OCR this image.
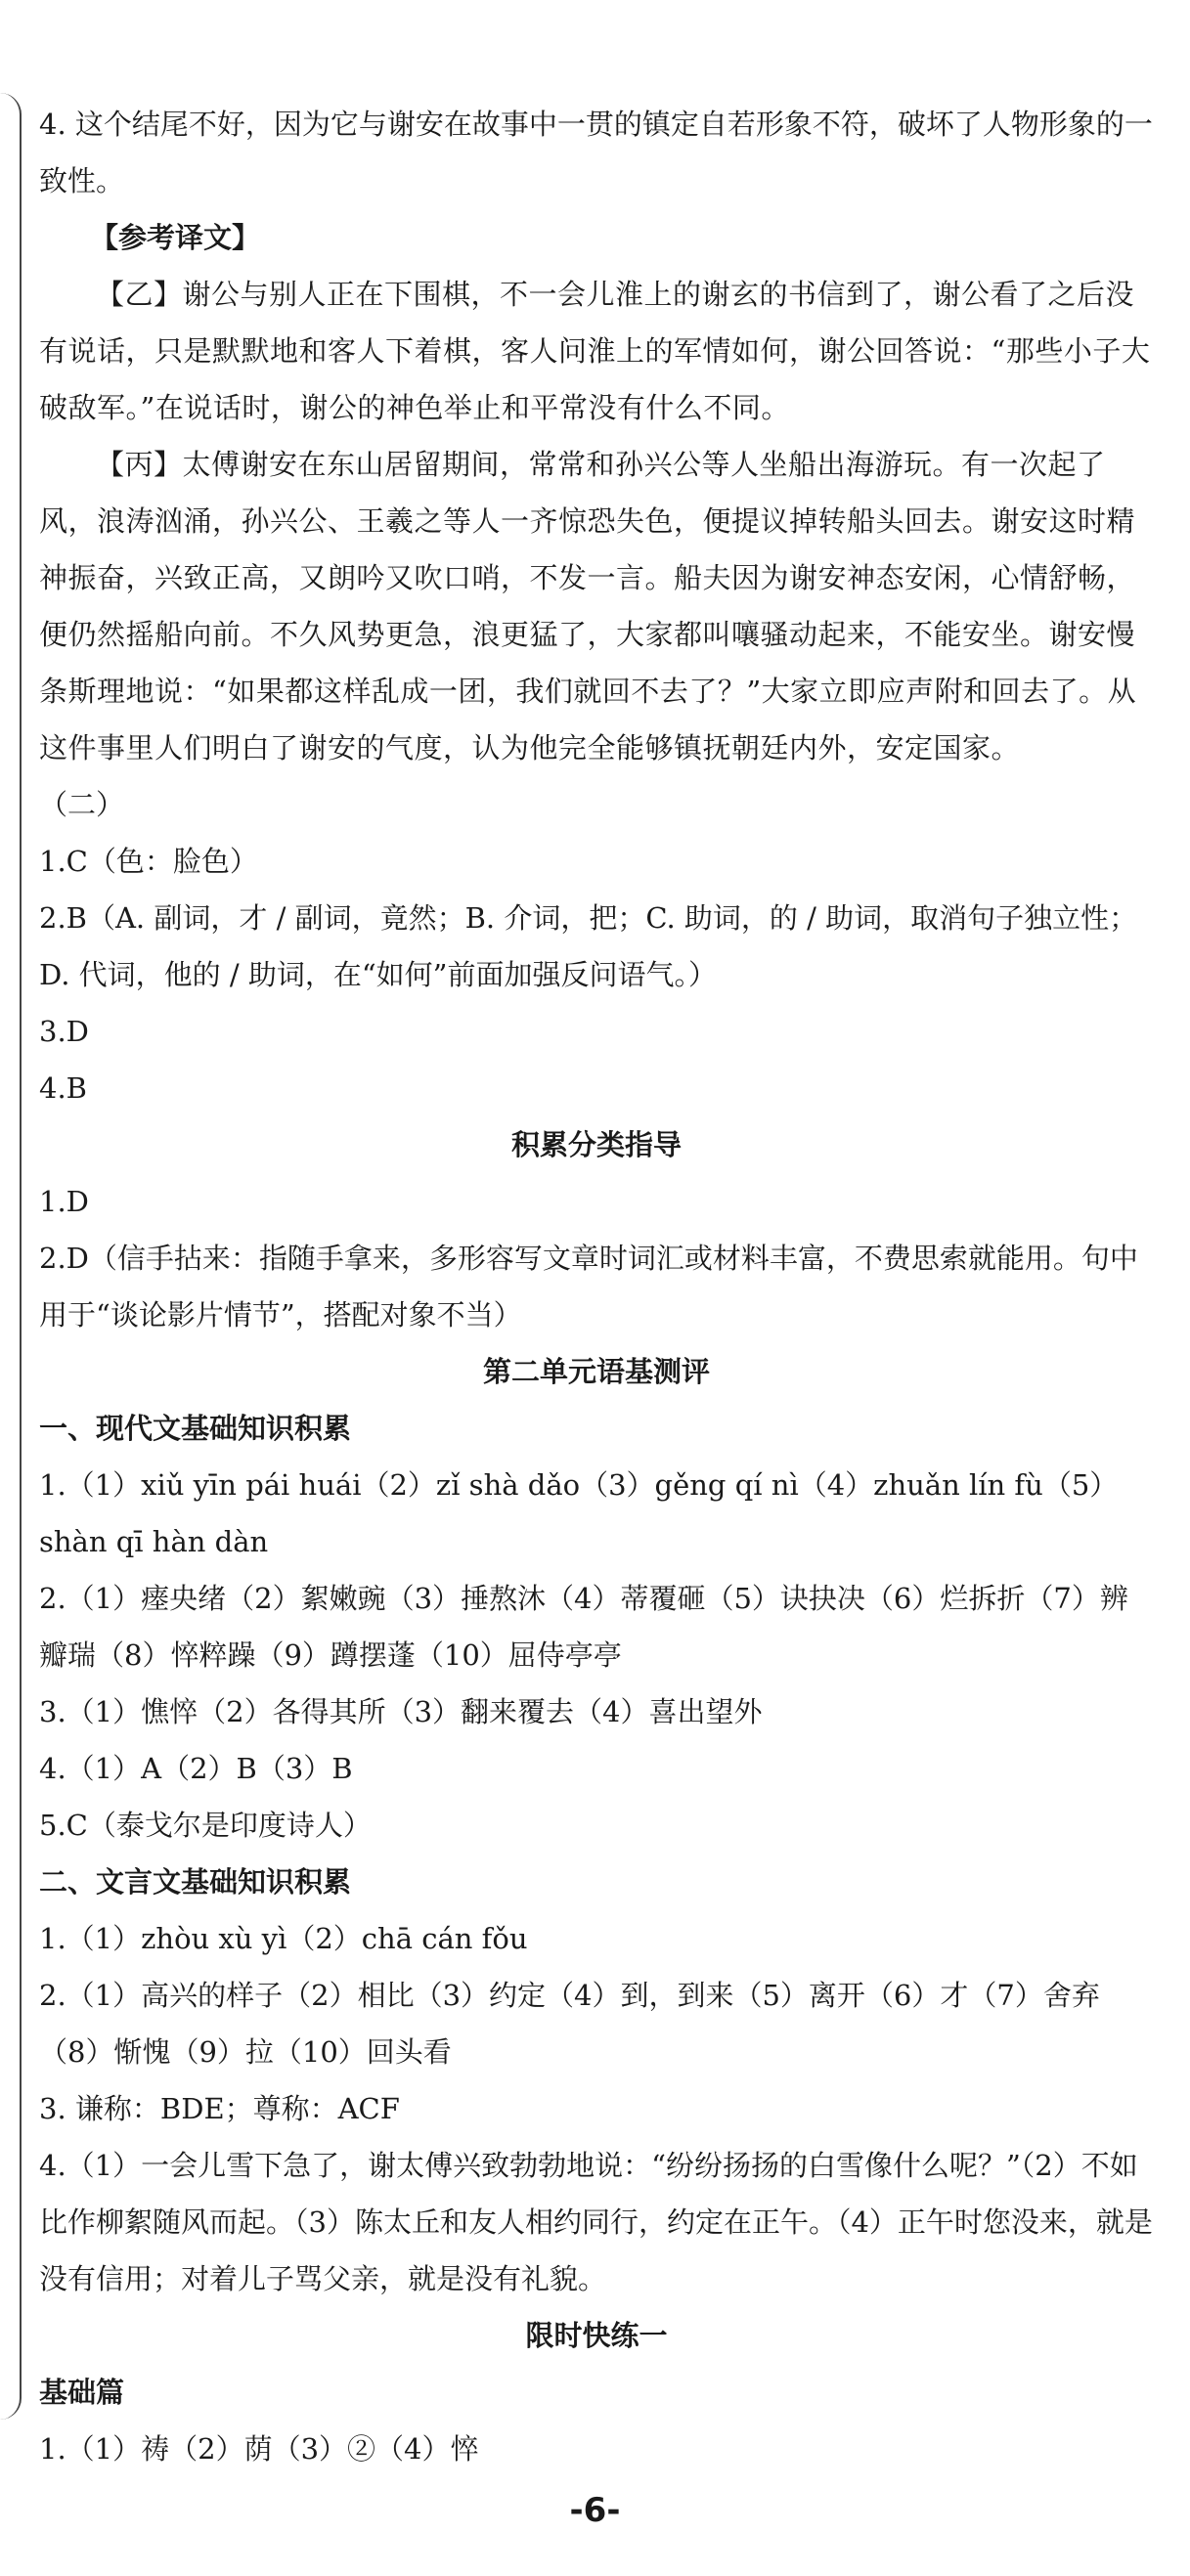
4. 这个结尾不好，因为它与谢安在故事中一贯的镇定自若形象不符，破坏了人物形象的一致性。

【参考译文】

【乙】谢公与别人正在下围棋，不一会儿淮上的谢玄的书信到了，谢公看了之后没有说话，只是默默地和客人下着棋，客人问淮上的军情如何，谢公回答说：“那些小子大破敌军。”在说话时，谢公的神色举止和平常没有什么不同。

【丙】太傅谢安在东山居留期间，常常和孙兴公等人坐船出海游玩。有一次起了风，浪涛汹涌，孙兴公、王羲之等人一齐惊恐失色，便提议掉转船头回去。谢安这时精神振奋，兴致正高，又朗吟又吹口哨，不发一言。船夫因为谢安神态安闲，心情舒畅，便仍然摇船向前。不久风势更急，浪更猛了，大家都叫嚷骚动起来，不能安坐。谢安慢条斯理地说：“如果都这样乱成一团，我们就回不去了？”大家立即应声附和回去了。从这件事里人们明白了谢安的气度，认为他完全能够镇抚朝廷内外，安定国家。

（二）

1.C（色：脸色）

2.B（A. 副词，才 / 副词，竟然；B. 介词，把；C. 助词，的 / 助词，取消句子独立性；D. 代词，他的 / 助词，在“如何”前面加强反问语气。）

3.D

4.B

积累分类指导

1.D

2.D（信手拈来：指随手拿来，多形容写文章时词汇或材料丰富，不费思索就能用。句中用于“谈论影片情节”，搭配对象不当）

第二单元语基测评

一、现代文基础知识积累

1.（1）xiǔ yīn pái huái（2）zǐ shà dǎo（3）gěng qí nì（4）zhuǎn lín fù（5）shàn qī hàn dàn

2.（1）瘗央绪（2）絮嫩豌（3）捶熬沐（4）蒂覆砸（5）诀抉决（6）烂拆折（7）辨瓣瑞（8）悴粹躁（9）蹲摆蓬（10）屈侍亭亭

3.（1）憔悴（2）各得其所（3）翻来覆去（4）喜出望外

4.（1）A（2）B（3）B

5.C（泰戈尔是印度诗人）

二、文言文基础知识积累

1.（1）zhòu xù yì（2）chā cán fǒu

2.（1）高兴的样子（2）相比（3）约定（4）到，到来（5）离开（6）才（7）舍弃（8）惭愧（9）拉（10）回头看

3. 谦称：BDE；尊称：ACF

4.（1）一会儿雪下急了，谢太傅兴致勃勃地说：“纷纷扬扬的白雪像什么呢？”（2）不如比作柳絮随风而起。（3）陈太丘和友人相约同行，约定在正午。（4）正午时您没来，就是没有信用；对着儿子骂父亲，就是没有礼貌。

限时快练一

基础篇

1.（1）祷（2）荫（3）②（4）悴

-6-
